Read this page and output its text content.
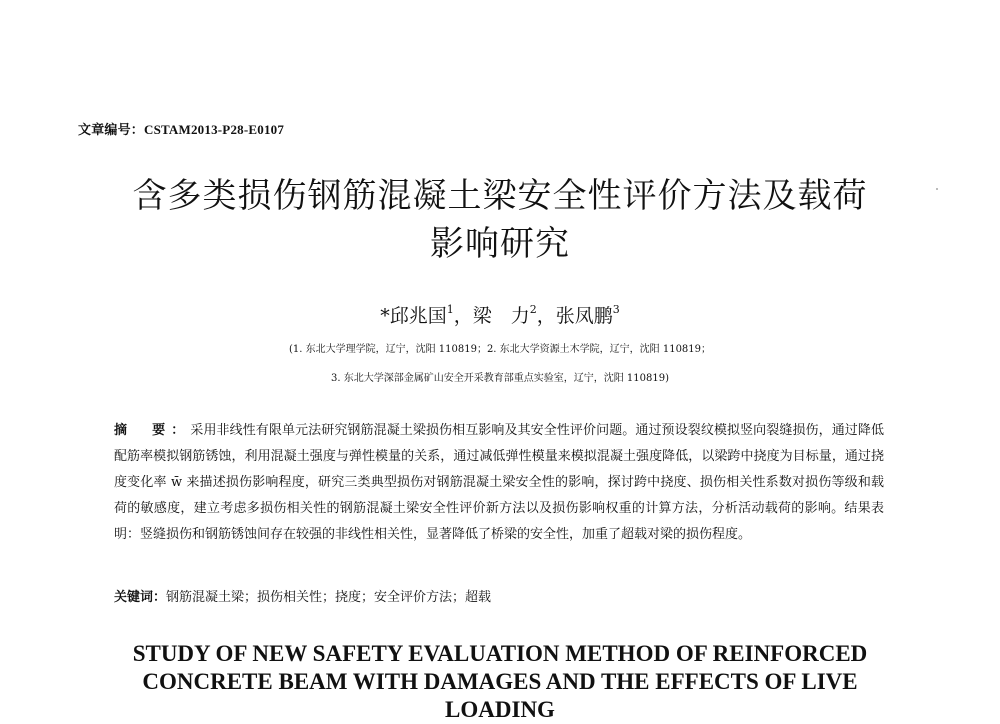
文章编号：CSTAM2013-P28-E0107
含多类损伤钢筋混凝土梁安全性评价方法及载荷
影响研究
*邱兆国$^1$，梁　力$^2$，张凤鹏$^3$
(1. 东北大学理学院，辽宁，沈阳 110819；2. 东北大学资源土木学院，辽宁，沈阳 110819；
3. 东北大学深部金属矿山安全开采教育部重点实验室，辽宁，沈阳 110819)
摘　要：采用非线性有限单元法研究钢筋混凝土梁损伤相互影响及其安全性评价问题。通过预设裂纹模拟竖向裂缝损伤，通过降低配筋率模拟钢筋锈蚀，利用混凝土强度与弹性模量的关系，通过减低弹性模量来模拟混凝土强度降低，以梁跨中挠度为目标量，通过挠度变化率 w̄ 来描述损伤影响程度，研究三类典型损伤对钢筋混凝土梁安全性的影响，探讨跨中挠度、损伤相关性系数对损伤等级和载荷的敏感度，建立考虑多损伤相关性的钢筋混凝土梁安全性评价新方法以及损伤影响权重的计算方法，分析活动载荷的影响。结果表明：竖缝损伤和钢筋锈蚀间存在较强的非线性相关性，显著降低了桥梁的安全性，加重了超载对梁的损伤程度。
关键词：钢筋混凝土梁；损伤相关性；挠度；安全评价方法；超载
STUDY OF NEW SAFETY EVALUATION METHOD OF REINFORCED
CONCRETE BEAM WITH DAMAGES AND THE EFFECTS OF LIVE
LOADING
